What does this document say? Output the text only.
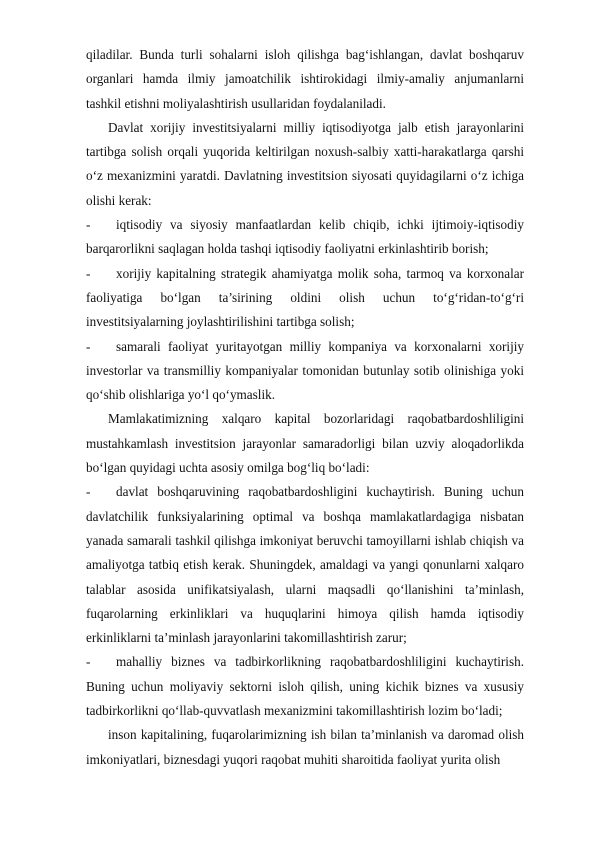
qiladilar. Bunda turli sohalarni isloh qilishga bag‘ishlangan, davlat boshqaruv organlari hamda ilmiy jamoatchilik ishtirokidagi ilmiy-amaliy anjumanlarni tashkil etishni moliyalashtirish usullaridan foydalaniladi.

Davlat xorijiy investitsiyalarni milliy iqtisodiyotga jalb etish jarayonlarini tartibga solish orqali yuqorida keltirilgan noxush-salbiy xatti-harakatlarga qarshi o‘z mexanizmini yaratdi. Davlatning investitsion siyosati quyidagilarni o‘z ichiga olishi kerak:

-	iqtisodiy va siyosiy manfaatlardan kelib chiqib, ichki ijtimoiy-iqtisodiy barqarorlikni saqlagan holda tashqi iqtisodiy faoliyatni erkinlashtirib borish;

-	xorijiy kapitalning strategik ahamiyatga molik soha, tarmoq va korxonalar faoliyatiga bo‘lgan ta’sirining oldini olish uchun to‘g‘ridan-to‘g‘ri investitsiyalarning joylashtirilishini tartibga solish;

-	samarali faoliyat yuritayotgan milliy kompaniya va korxonalarni xorijiy investorlar va transmilliy kompaniyalar tomonidan butunlay sotib olinishiga yoki qo‘shib olishlariga yo‘l qo‘ymaslik.

Mamlakatimizning xalqaro kapital bozorlaridagi raqobatbardoshliligini mustahkamlash investitsion jarayonlar samaradorligi bilan uzviy aloqadorlikda bo‘lgan quyidagi uchta asosiy omilga bog‘liq bo‘ladi:

-	davlat boshqaruvining raqobatbardoshligini kuchaytirish. Buning uchun davlatchilik funksiyalarining optimal va boshqa mamlakatlardagiga nisbatan yanada samarali tashkil qilishga imkoniyat beruvchi tamoyillarni ishlab chiqish va amaliyotga tatbiq etish kerak. Shuningdek, amaldagi va yangi qonunlarni xalqaro talablar asosida unifikatsiyalash, ularni maqsadli qo‘llanishini ta’minlash, fuqarolarning erkinliklari va huquqlarini himoya qilish hamda iqtisodiy erkinliklarni ta’minlash jarayonlarini takomillashtirish zarur;

-	mahalliy biznes va tadbirkorlikning raqobatbardoshliligini kuchaytirish. Buning uchun moliyaviy sektorni isloh qilish, uning kichik biznes va xususiy tadbirkorlikni qo‘llab-quvvatlash mexanizmini takomillashtirish lozim bo‘ladi;

inson kapitalining, fuqarolarimizning ish bilan ta’minlanish va daromad olish imkoniyatlari, biznesdagi yuqori raqobat muhiti sharoitida faoliyat yurita olish
